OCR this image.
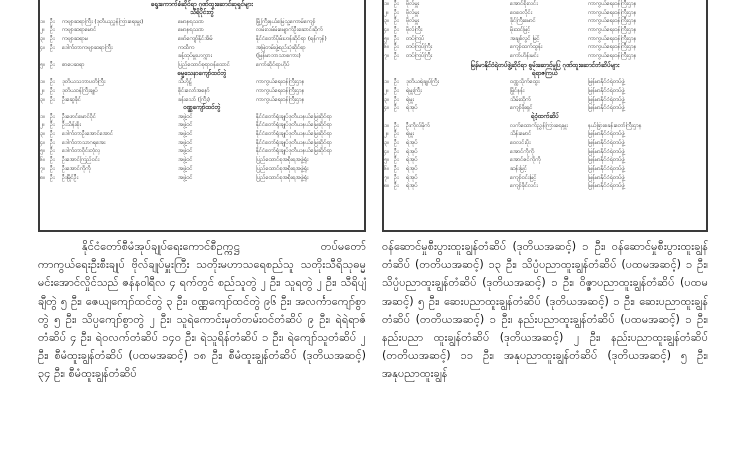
ရွေးကောက်ခံဆိုင်ရာ ဂုဏ်ထူးဆောင်ဆုရှင်များ

သီရိပိုင်းတွဲ

၁။ ဦး	ကဗျာဆရာကြီး (ဒုတိယညွှန်ကြားရေးမှူး)	မောနရသဏ	မြို့ကြီးနယ်မြေသူ့ကောမ်ကျော်
၂။ ဦး	ကဗျာဆရာမောင်	မောနရသဏ	လမ်းလမ်မ်းမျောက်ဦးဆောင်ဆိုက်
၃။ ဦး	ကဗျာဆရာမ	ဖော်ကျော်နိုင်အိမ်	နိုင်ငံတော်ပိုမ်းဟန်ဆိုင်ရာ (ရန်ကုန်)
၄။ ဦး	ဒေါက်တာကဗျာဆရာကြီး	ကထိက	အမြဲတမ်းဖွဲ့စည်းပုံဆိုင်ရာ
ခန့်ထုပ်မှူးဟက္ကား	(မြန်မာဘာသာစကား)
၅။ ဦး	စာပေဆရာ	ပြည်ထောင်စုရာဝန်ထောင်	ကော်ဆိုင်ရာဟိုပ်

ဓမ္မသေနာကျော်ထင်တွဲ

၁။ ဦး	ဒုတိယသဘာပတိကြီး	သီဟိုဠ်	ကာကွယ်ရေးဝန်ကြီးဌာန
၂။ ဦး	ဒုတိယဝန်ကြီးချုပ်	စိုင်းလော်အနော်	ကာကွယ်ရေးဝန်ကြီးဌာန
၃။ ဦး	ဦးဆွေခိုင်	ခန်းသော် (ကြီး)	ကာကွယ်ရေးဝန်ကြီးဌာန

ဝဏ္ဏကျော်ထင်တွဲ

၁။ ဦး	ဦးဖောင်မောင်ဝိုင်	အဖွဲ့ဝင်	နိုင်ငံတော်ရုံးချုပ်ဒုတိယနယ်မြေဆိုင်ရာ
၂။ ဦး	ဦးသိန်းစိုး	အဖွဲ့ဝင်	နိုင်ငံတော်ရုံးချုပ်ဒုတိယနယ်မြေဆိုင်ရာ
၃။ ဦး	ဒေါက်တာဦးအောင်အောင်	အဖွဲ့ဝင်	နိုင်ငံတော်ရုံးချုပ်ဒုတိယနယ်မြေဆိုင်ရာ
၄။ ဦး	ဒေါက်တာသာဂရအေး	အဖွဲ့ဝင်	နိုင်ငံတော်ရုံးချုပ်ဒုတိယနယ်မြေဆိုင်ရာ
၅။ ဦး	ဒေါက်တာဝိုင်းတုံလှ	အဖွဲ့ဝင်	နိုင်ငံတော်ရုံးချုပ်ဒုတိယနယ်မြေဆိုင်ရာ
၆။ ဦး	ဦးအောင်ကြည်ဝင်း	အဖွဲ့ဝင်	ပြည်ထောင်စုအစိုးရအဖွဲ့ရုံး
၇။ ဦး	ဦးအောင်ကိုကို	အဖွဲ့ဝင်	ပြည်ထောင်စုအစိုးရအဖွဲ့ရုံး
၈။ ဦး	ဦးမြိုင်ဦး	အဖွဲ့ဝင်	ပြည်ထောင်စုအစိုးရအဖွဲ့ရုံး
၁။ ဦး	ဗိုလ်မှူး	အောင်စိုးလင်း	ကာကွယ်ရေးဝန်ကြီးဌာန
၂။ ဦး	ဗိုလ်မှူး	ဝေဝေလိုင်း	ကာကွယ်ရေးဝန်ကြီးဌာန
၃။ ဦး	ဗိုလ်မှူး	ခိုင်ကြီးမောင်	ကာကွယ်ရေးဝန်ကြီးဌာန
၄။ ဦး	ဗိုလ်ကြီး	မိုးထင်မြင့်	ကာကွယ်ရေးဝန်ကြီးဌာန
၅။ ဦး	တပ်ကြပ်	အချစ်လွင် မြင့်	ကာကွယ်ရေးဝန်ကြီးဌာန
၆။ ဦး	တပ်ကြပ်ကြီး	ကျော်ထက်ထွန်း	ကာကွယ်ရေးဝန်ကြီးဌာန
၇။ ဦး	တပ်ကြပ်ကြီး	ကော်ဟိန်းမင်း	ကာကွယ်ရေးဝန်ကြီးဌာန

မြန်မာနိုင်ငံရဲတပ်ဖွဲ့ဆိုင်ရာ စွမ်းဆောင်မှုပြ ဂုဏ်ထူးဆောင်တံဆိပ်များ

ရဲရာဇကြယ်

၁။ ဦး	ဒုတိယရဲချုပ်ကြီး	ဝဏ္ဏသိုက်ထွေး	မြန်မာနိုင်ငံရဲတပ်ဖွဲ့
၂။ ဦး	ရဲမှူးကြီး	မြိုင်နန်း	မြန်မာနိုင်ငံရဲတပ်ဖွဲ့
၃။ ဦး	ရဲမှူး	သိမ်းထိုက်	မြန်မာနိုင်ငံရဲတပ်ဖွဲ့
၄။ ဦး	ရဲအုပ်	ကျော်ဖိုးရှင်	မြန်မာနိုင်ငံရဲတပ်ဖွဲ့

ရဲဝံ့ထက်ဆိပ်

၁။ ဦး	ဦးကိုလ်မိုက်	လက်ထောက်ညွှန်ကြားရေးမှူး	နယ်ခြားစခန်းတော်ကြီးဌာန
၂။ ဦး	ရဲမှူး	သိန်းမောင်	မြန်မာနိုင်ငံရဲတပ်ဖွဲ့
၃။ ဦး	ရဲအုပ်	ဝေလင်းပိုး	မြန်မာနိုင်ငံရဲတပ်ဖွဲ့
၄။ ဦး	ရဲအုပ်	အောင်ကိုကို	မြန်မာနိုင်ငံရဲတပ်ဖွဲ့
၅။ ဦး	ရဲအုပ်	အောင်ဇင်ကိုကို	မြန်မာနိုင်ငံရဲတပ်ဖွဲ့
၆။ ဦး	ရဲအုပ်	ဆန်းမြင့်	မြန်မာနိုင်ငံရဲတပ်ဖွဲ့
၇။ ဦး	ရဲအုပ်	ကျော်ဝင်းမြင့်	မြန်မာနိုင်ငံရဲတပ်ဖွဲ့
၈။ ဦး	ရဲအုပ်	ကျော်ခိုင်လင်း	မြန်မာနိုင်ငံရဲတပ်ဖွဲ့
နိုင်ငံတော်စီမံအုပ်ချုပ်ရေးကောင်စီဥက္ကဋ္ဌ တပ်မတော်ကာကွယ်ရေးဦးစီးချုပ် ဗိုလ်ချုပ်မှူးကြီး သတိုးမဟာသရေစည်သူ သတိုးသီရိသုဓမ္မမင်းအောင်လှိုင်သည် ဇန်နဝါရီလ ၄ ရက်တွင် စည်သူတွဲ ၂ ဦး၊ သူရတွဲ ၂ ဦး၊ သီရိပျံချီတွဲ ၅ ဦး၊ ဇေယျကျော်ထင်တွဲ ၃ ဦး၊ ဝဏ္ဏကျော်ထင်တွဲ ၉၆ ဦး၊ အလင်္ကာကျော်စွာတွဲ ၅ ဦး၊ သိပ္ပကျော်စွာတွဲ ၂ ဦး၊ သူရဲကောင်းမှတ်တမ်းဝင်တံဆိပ် ၉ ဦး၊ ရဲရဲရာဇ်တံဆိပ် ၄ ဦး၊ ရဲဝလက်တံဆိပ် ၁၄၀ ဦး၊ ရဲသူရိန်တံဆိပ် ၁ ဦး၊ ရဲကျော်သူတံဆိပ် ၂ ဦး၊ စီမံထူးချွန်တံဆိပ် (ပထမအဆင့်) ၁၈ ဦး၊ စီမံထူးချွန်တံဆိပ် (ဒုတိယအဆင့်) ၃၄ ဦး၊ စီမံထူးချွန်တံဆိပ်
ဝန်ဆောင်မှုစီးပွားထူးချွန်တံဆိပ် (ဒုတိယအဆင့်) ၁ ဦး၊ ဝန်ဆောင်မှုစီးပွားထူးချွန်တံဆိပ် (တတိယအဆင့်) ၁၃ ဦး၊ သိပ္ပံပညာထူးချွန်တံဆိပ် (ပထမအဆင့်) ၁ ဦး၊ သိပ္ပံပညာထူးချွန်တံဆိပ် (ဒုတိယအဆင့်) ၁ ဦး၊ ဝိဇ္ဇာပညာထူးချွန်တံဆိပ် (ပထမအဆင့်) ၅ ဦး၊ ဆေးပညာထူးချွန်တံဆိပ် (ဒုတိယအဆင့်) ၁ ဦး၊ ဆေးပညာထူးချွန်တံဆိပ် (တတိယအဆင့်) ၁ ဦး၊ နည်းပညာထူးချွန်တံဆိပ် (ပထမအဆင့်) ၁ ဦး၊ နည်းပညာ ထူးချွန်တံဆိပ် (ဒုတိယအဆင့်) ၂ ဦး၊ နည်းပညာထူးချွန်တံဆိပ် (တတိယအဆင့်) ၁၁ ဦး၊ အနုပညာထူးချွန်တံဆိပ် (ဒုတိယအဆင့်) ၅ ဦး၊ အနုပညာထူးချွန်
